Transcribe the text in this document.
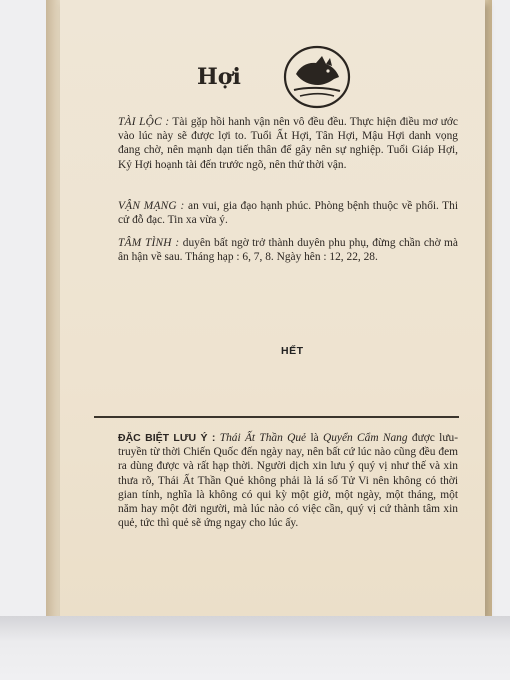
Hợi
TÀI LỘC : Tài gặp hồi hanh vận nên vô đều đều. Thực hiện điều mơ ước vào lúc này sẽ được lợi to. Tuổi Ất Hợi, Tân Hợi, Mậu Hợi danh vọng đang chờ, nên mạnh dạn tiến thân để gây nên sự nghiệp. Tuổi Giáp Hợi, Kỷ Hợi hoạnh tài đến trước ngõ, nên thử thời vận.
VẬN MẠNG : an vui, gia đạo hạnh phúc. Phòng bệnh thuộc về phổi. Thi cử đỗ đạc. Tin xa vừa ý.
TÂM TÌNH : duyên bất ngờ trở thành duyên phu phụ, đừng chần chờ mà ân hận về sau. Tháng hạp : 6, 7, 8. Ngày hên : 12, 22, 28.
HẾT
ĐẶC BIỆT LƯU Ý : Thái Ất Thần Quẻ là Quyển Cẩm Nang được lưu-truyền từ thời Chiến Quốc đến ngày nay, nên bất cứ lúc nào cũng đều đem ra dùng được và rất hạp thời. Người dịch xin lưu ý quý vị như thế và xin thưa rõ, Thái Ất Thần Quẻ không phải là lá số Tử Vi nên không có thời gian tính, nghĩa là không có qui kỳ một giờ, một ngày, một tháng, một năm hay một đời người, mà lúc nào có việc cần, quý vị cứ thành tâm xin quẻ, tức thì quẻ sẽ ứng ngay cho lúc ấy.
